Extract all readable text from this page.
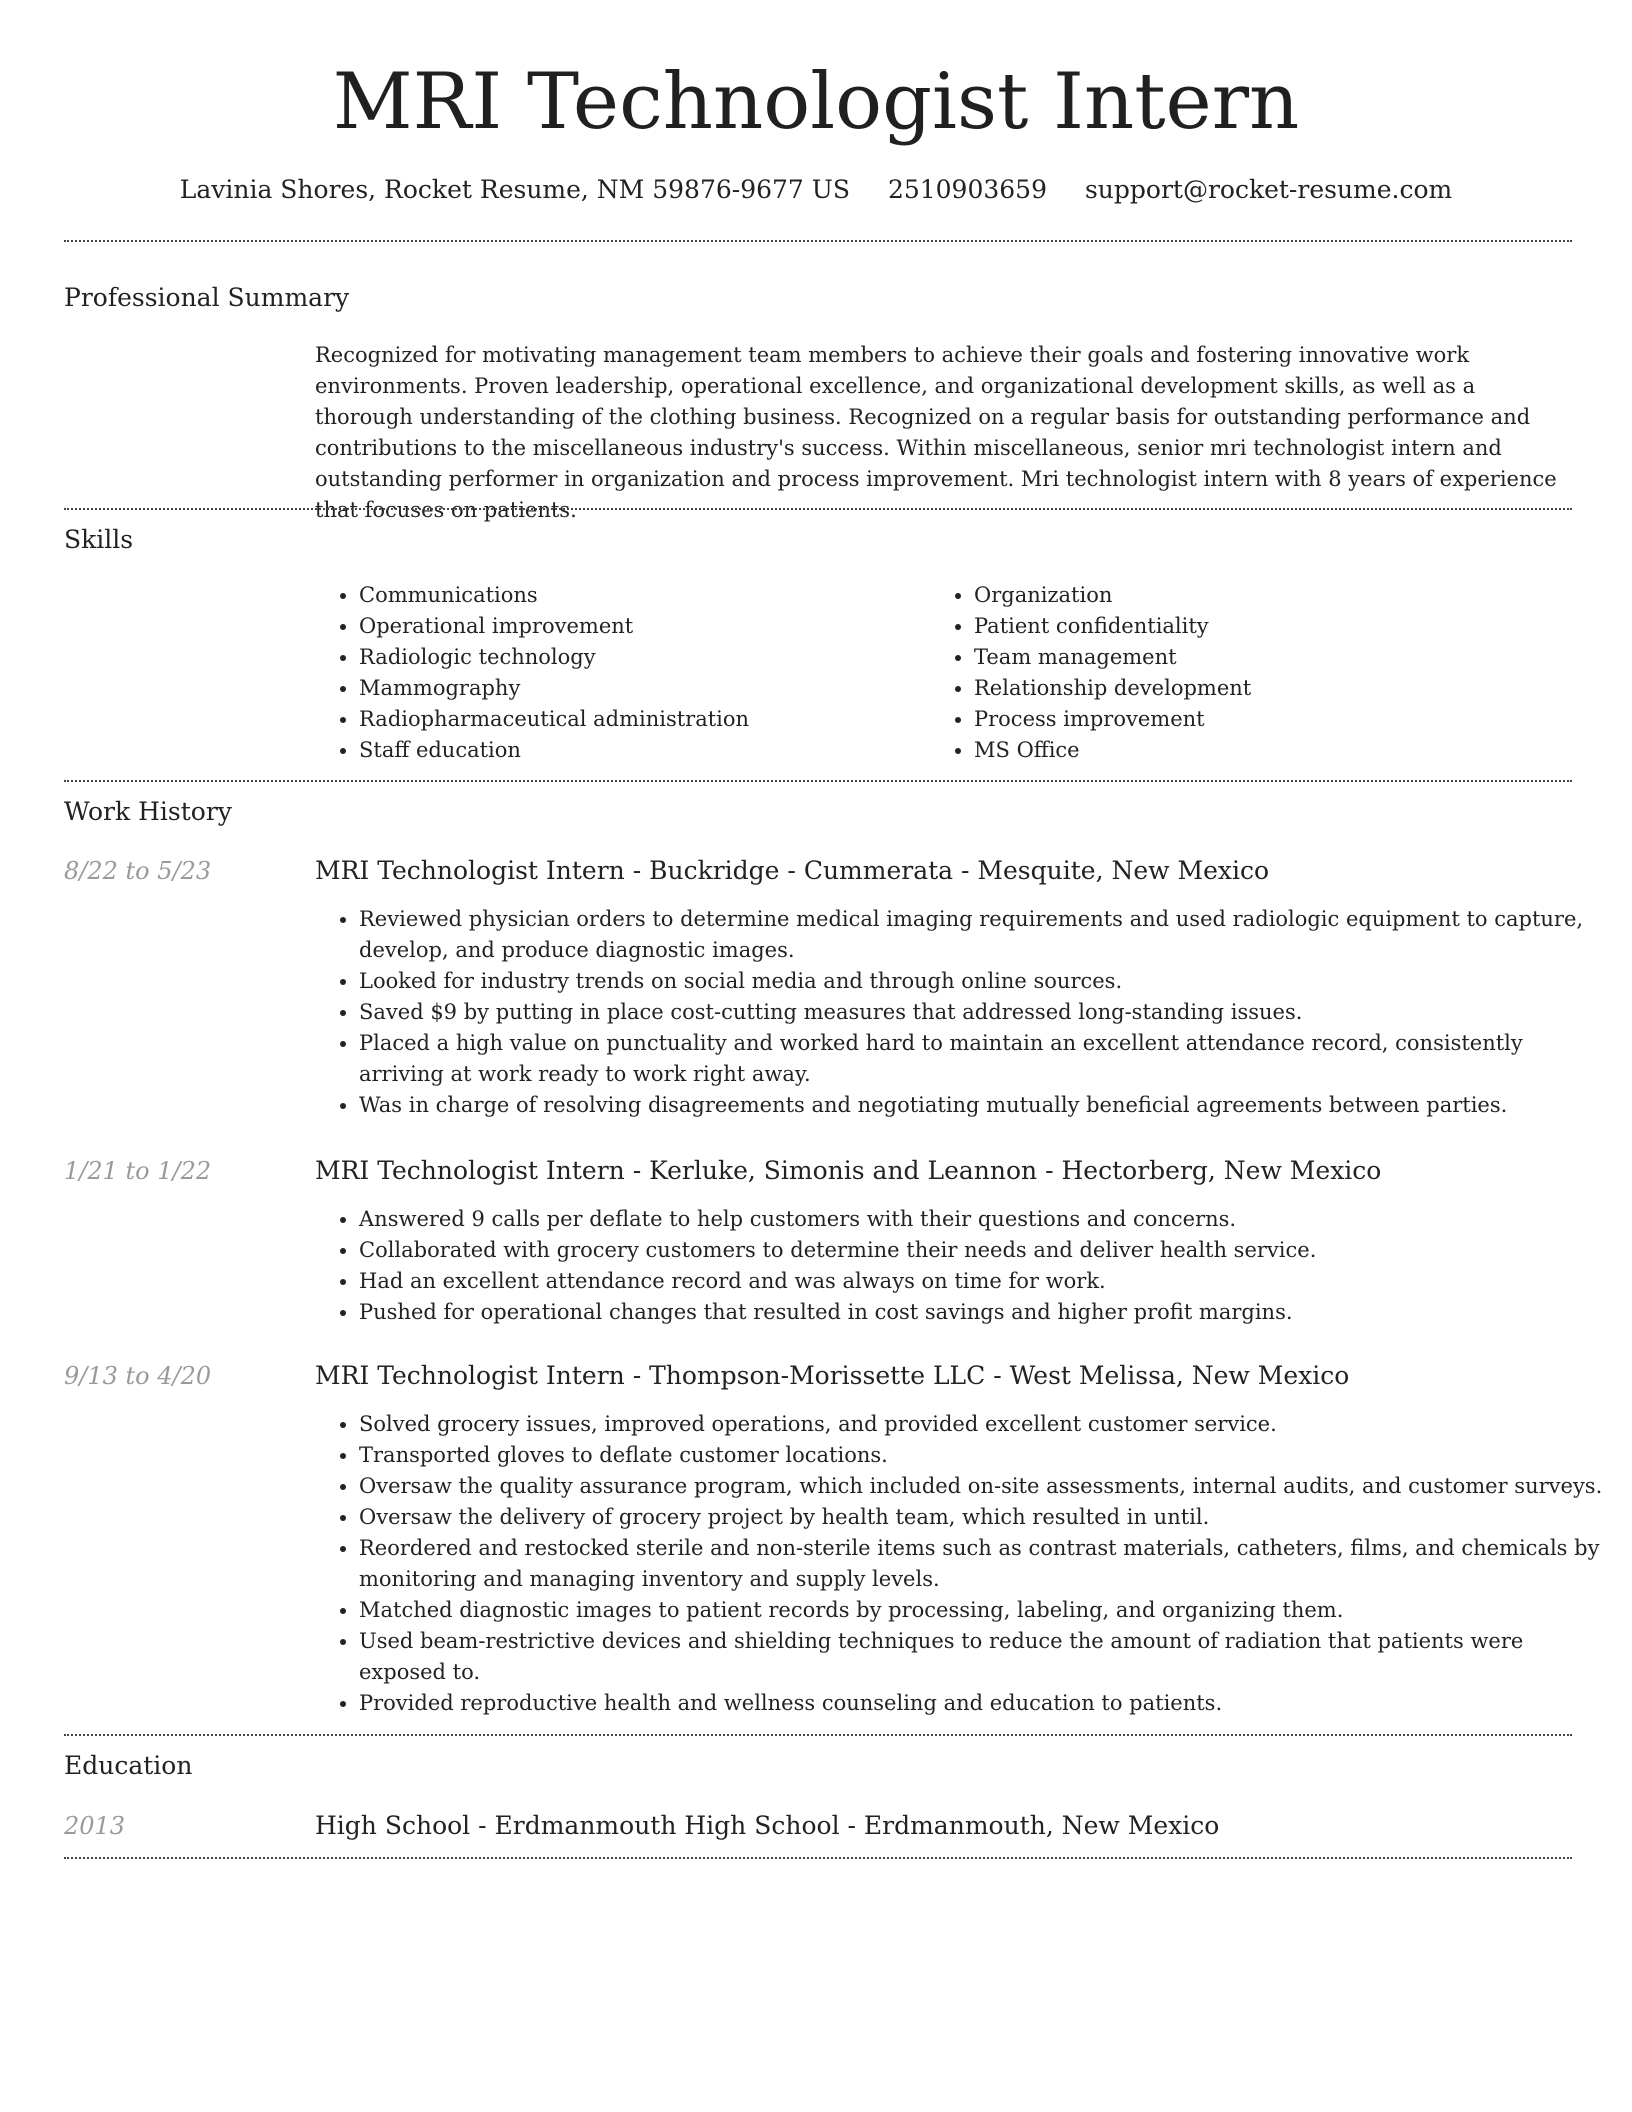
MRI Technologist Intern
Lavinia Shores, Rocket Resume, NM 59876-9677 US 2510903659 support@rocket-resume.com
Professional Summary
Recognized for motivating management team members to achieve their goals and fostering innovative work environments. Proven leadership, operational excellence, and organizational development skills, as well as a thorough understanding of the clothing business. Recognized on a regular basis for outstanding performance and contributions to the miscellaneous industry's success. Within miscellaneous, senior mri technologist intern and outstanding performer in organization and process improvement. Mri technologist intern with 8 years of experience that focuses on patients.
Skills
• Communications
• Operational improvement
• Radiologic technology
• Mammography
• Radiopharmaceutical administration
• Staff education
• Organization
• Patient confidentiality
• Team management
• Relationship development
• Process improvement
• MS Office
Work History
8/22 to 5/23	MRI Technologist Intern - Buckridge - Cummerata - Mesquite, New Mexico
• Reviewed physician orders to determine medical imaging requirements and used radiologic equipment to capture, develop, and produce diagnostic images.
• Looked for industry trends on social media and through online sources.
• Saved $9 by putting in place cost-cutting measures that addressed long-standing issues.
• Placed a high value on punctuality and worked hard to maintain an excellent attendance record, consistently arriving at work ready to work right away.
• Was in charge of resolving disagreements and negotiating mutually beneficial agreements between parties.
1/21 to 1/22	MRI Technologist Intern - Kerluke, Simonis and Leannon - Hectorberg, New Mexico
• Answered 9 calls per deflate to help customers with their questions and concerns.
• Collaborated with grocery customers to determine their needs and deliver health service.
• Had an excellent attendance record and was always on time for work.
• Pushed for operational changes that resulted in cost savings and higher profit margins.
9/13 to 4/20	MRI Technologist Intern - Thompson-Morissette LLC - West Melissa, New Mexico
• Solved grocery issues, improved operations, and provided excellent customer service.
• Transported gloves to deflate customer locations.
• Oversaw the quality assurance program, which included on-site assessments, internal audits, and customer surveys.
• Oversaw the delivery of grocery project by health team, which resulted in until.
• Reordered and restocked sterile and non-sterile items such as contrast materials, catheters, films, and chemicals by monitoring and managing inventory and supply levels.
• Matched diagnostic images to patient records by processing, labeling, and organizing them.
• Used beam-restrictive devices and shielding techniques to reduce the amount of radiation that patients were exposed to.
• Provided reproductive health and wellness counseling and education to patients.
Education
2013	High School - Erdmanmouth High School - Erdmanmouth, New Mexico
